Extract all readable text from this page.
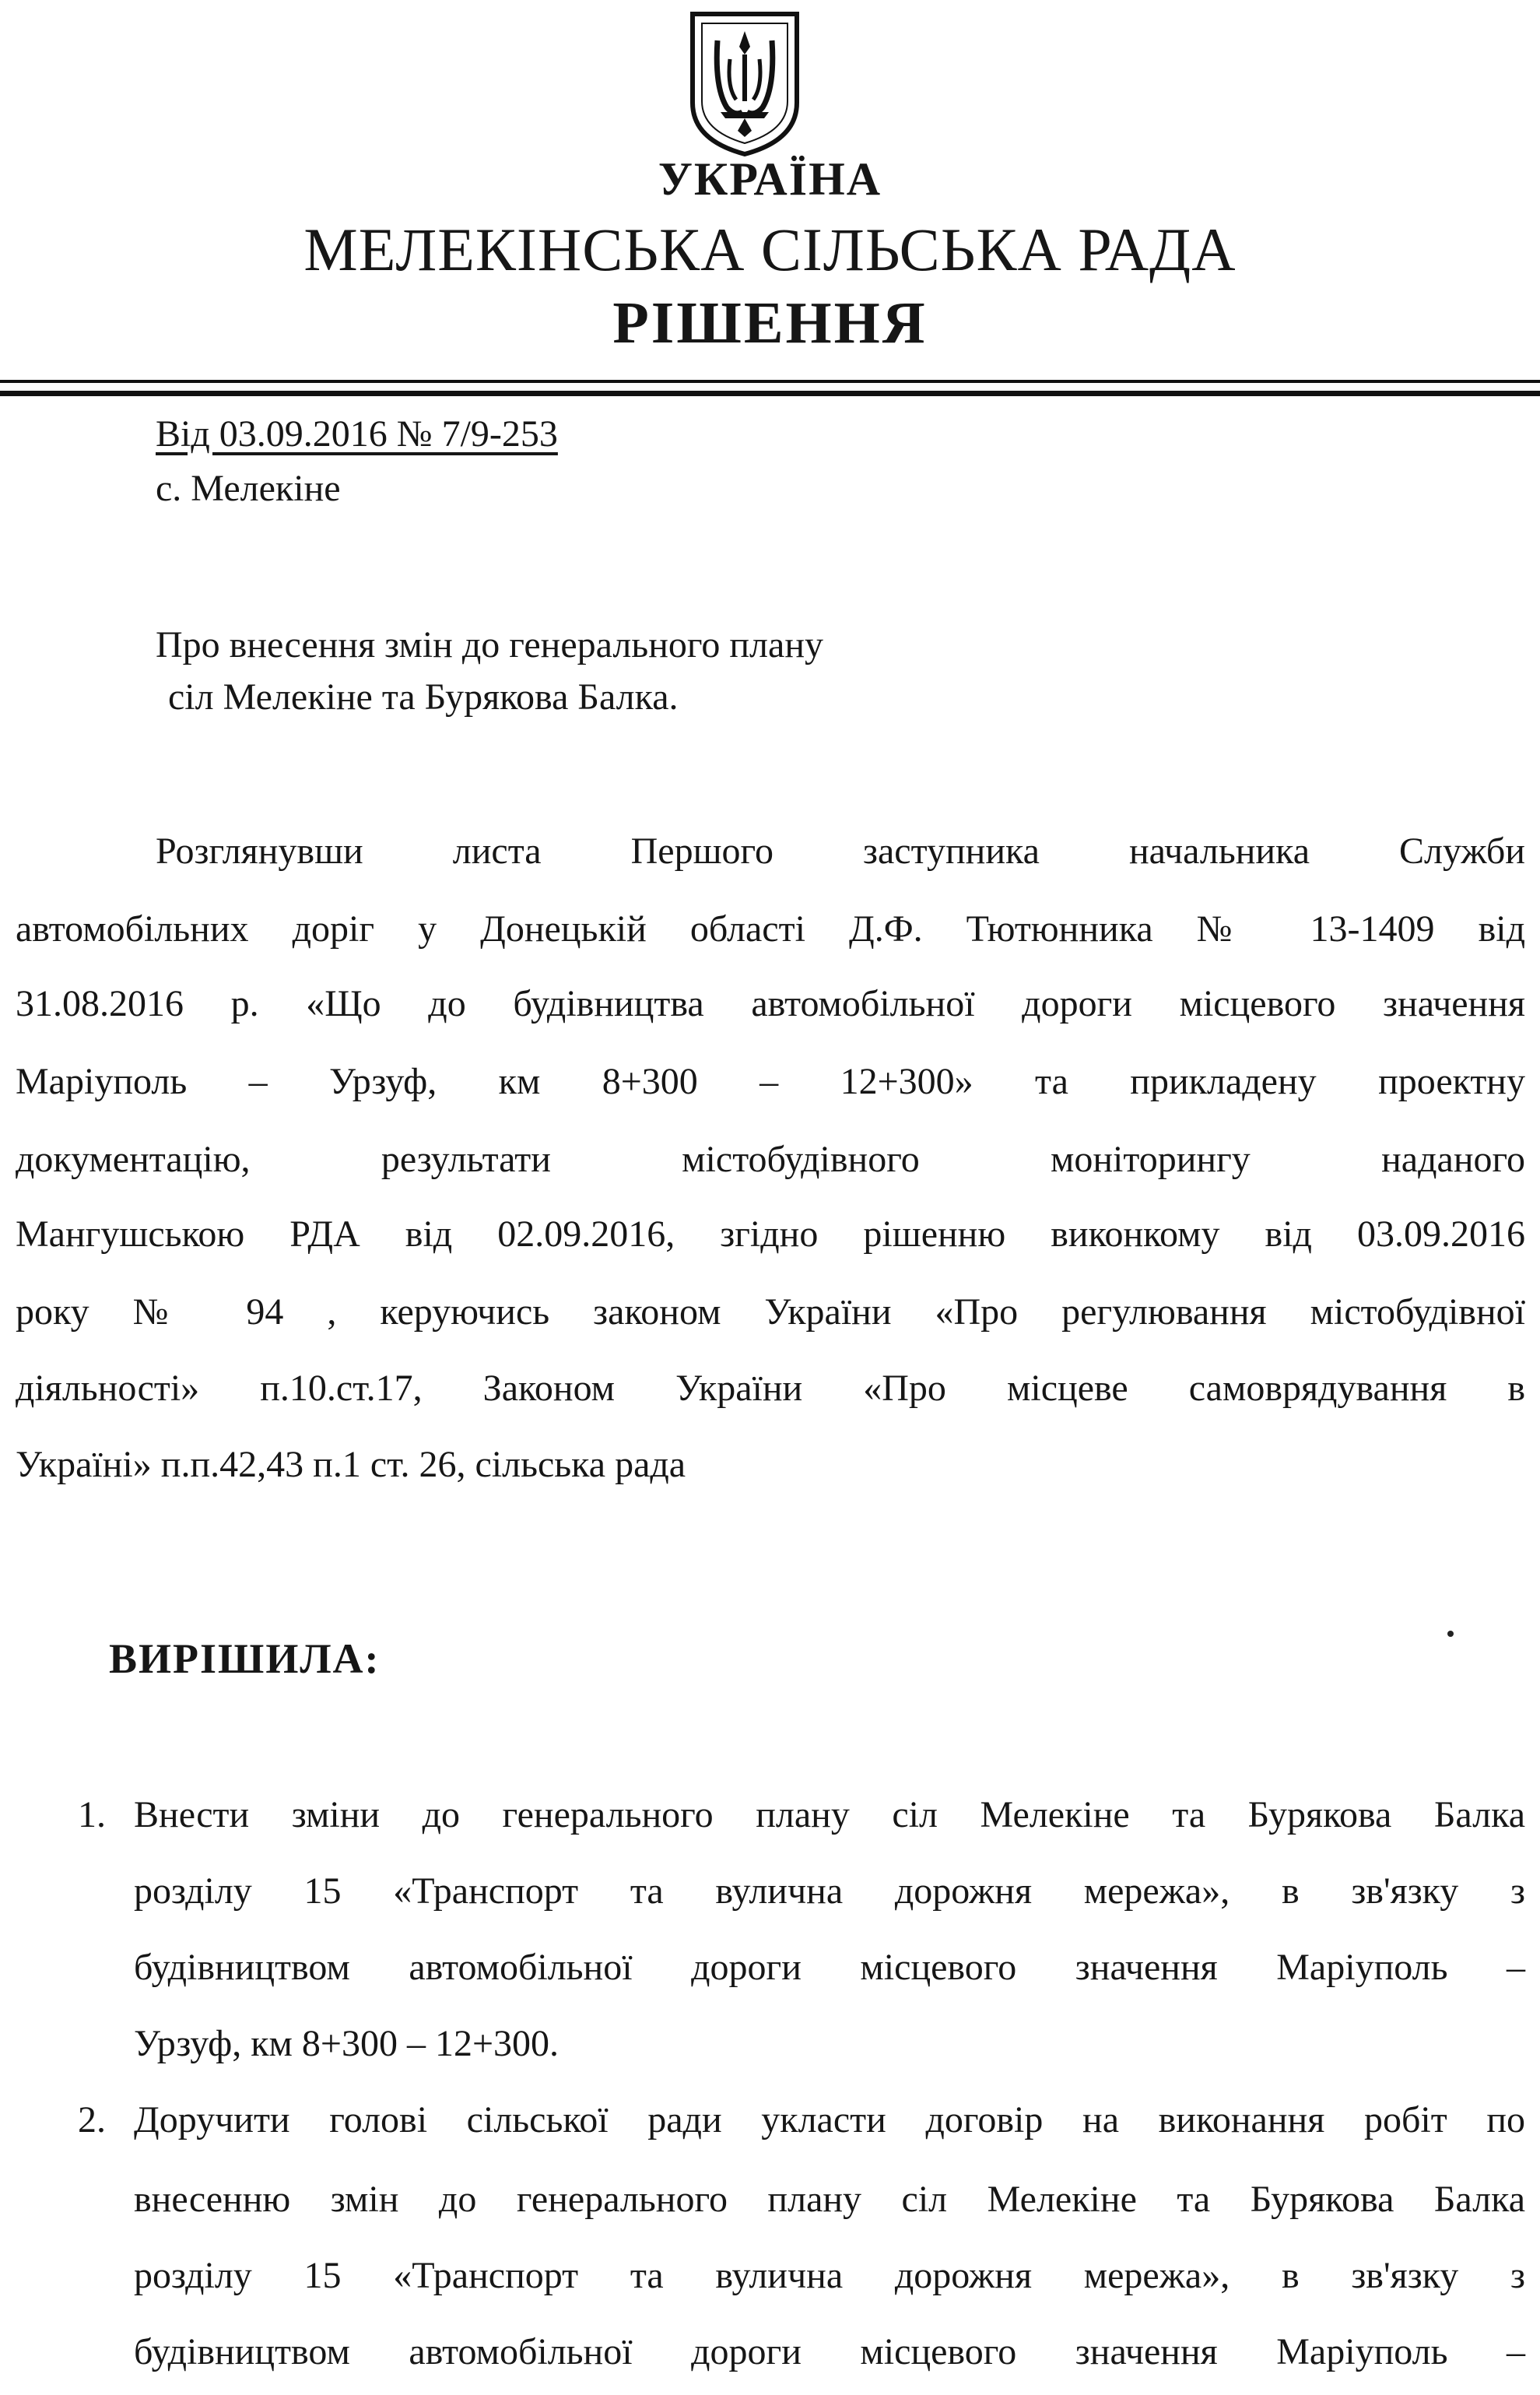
УКРАЇНА
МЕЛЕКІНСЬКА СІЛЬСЬКА РАДА
РІШЕННЯ
Від 03.09.2016 № 7/9-253
с. Мелекіне
Про внесення змін до генерального плану
сіл Мелекіне та Бурякова Балка.
Розглянувши листа Першого заступника начальника Служби
автомобільних доріг у Донецькій області Д.Ф. Тютюнника № 13-1409 від
31.08.2016 р. «Що до будівництва автомобільної дороги місцевого значення
Маріуполь – Урзуф, км 8+300 – 12+300» та прикладену проектну
документацію, результати містобудівного моніторингу наданого
Мангушською РДА від 02.09.2016, згідно рішенню виконкому від 03.09.2016
року № 94 , керуючись законом України «Про регулювання містобудівної
діяльності» п.10.ст.17, Законом України «Про місцеве самоврядування в
Україні» п.п.42,43 п.1 ст. 26, сільська рада
ВИРІШИЛА:
1. Внести зміни до генерального плану сіл Мелекіне та Бурякова Балка
розділу 15 «Транспорт та вулична дорожня мережа», в зв'язку з
будівництвом автомобільної дороги місцевого значення Маріуполь –
Урзуф, км 8+300 – 12+300.
2. Доручити голові сільської ради укласти договір на виконання робіт по
внесенню змін до генерального плану сіл Мелекіне та Бурякова Балка
розділу 15 «Транспорт та вулична дорожня мережа», в зв'язку з
будівництвом автомобільної дороги місцевого значення Маріуполь –
